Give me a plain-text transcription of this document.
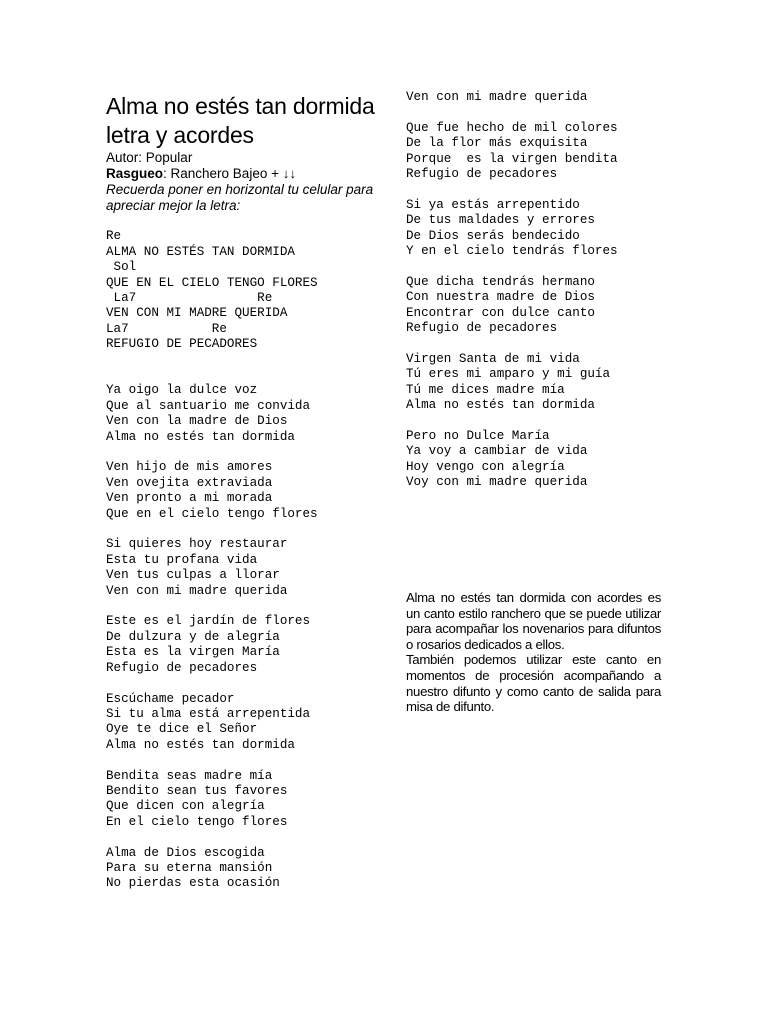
Alma no estés tan dormida letra y acordes

Autor: Popular

Rasgueo: Ranchero Bajeo + ↓↓

Recuerda poner en horizontal tu celular para apreciar mejor la letra:

Re
ALMA NO ESTÉS TAN DORMIDA
Sol
QUE EN EL CIELO TENGO FLORES
La7                Re
VEN CON MI MADRE QUERIDA
La7           Re
REFUGIO DE PECADORES
Ya oigo la dulce voz
Que al santuario me convida
Ven con la madre de Dios
Alma no estés tan dormida
Ven hijo de mis amores
Ven ovejita extraviada
Ven pronto a mi morada
Que en el cielo tengo flores
Si quieres hoy restaurar
Esta tu profana vida
Ven tus culpas a llorar
Ven con mi madre querida
Este es el jardín de flores
De dulzura y de alegría
Esta es la virgen María
Refugio de pecadores
Escúchame pecador
Si tu alma está arrepentida
Oye te dice el Señor
Alma no estés tan dormida
Bendita seas madre mía
Bendito sean tus favores
Que dicen con alegría
En el cielo tengo flores
Alma de Dios escogida
Para su eterna mansión
No pierdas esta ocasión
Ven con mi madre querida
Que fue hecho de mil colores
De la flor más exquisita
Porque  es la virgen bendita
Refugio de pecadores
Si ya estás arrepentido
De tus maldades y errores
De Dios serás bendecido
Y en el cielo tendrás flores
Que dicha tendrás hermano
Con nuestra madre de Dios
Encontrar con dulce canto
Refugio de pecadores
Virgen Santa de mi vida
Tú eres mi amparo y mi guía
Tú me dices madre mía
Alma no estés tan dormida
Pero no Dulce María
Ya voy a cambiar de vida
Hoy vengo con alegría
Voy con mi madre querida

Alma no estés tan dormida con acordes es un canto estilo ranchero que se puede utilizar para acompañar los novenarios para difuntos o rosarios dedicados a ellos.

También podemos utilizar este canto en momentos de procesión acompañando a nuestro difunto y como canto de salida para misa de difunto.
